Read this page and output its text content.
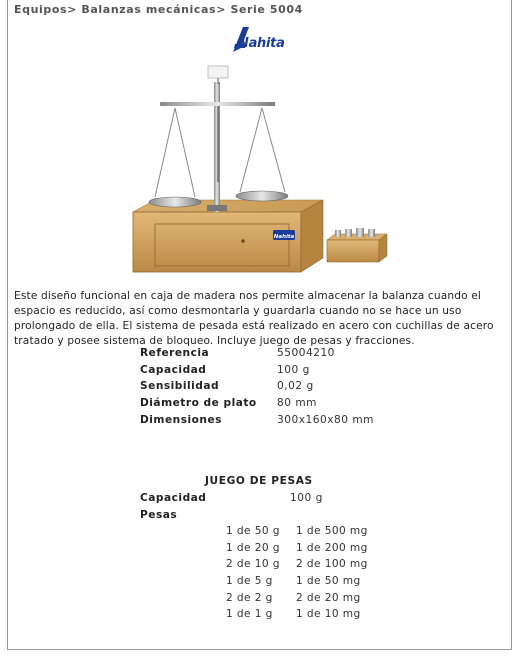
Equipos> Balanzas mecánicas> Serie 5004
Nahita
Nahita
Este diseño funcional en caja de madera nos permite almacenar la balanza cuando el espacio es reducido, así como desmontarla y guardarla cuando no se hace un uso prolongado de ella. El sistema de pesada está realizado en acero con cuchillas de acero tratado y posee sistema de bloqueo. Incluye juego de pesas y fracciones.
Referencia	55004210
Capacidad	100 g
Sensibilidad	0,02 g
Diámetro de plato 80 mm
Dimensiones	300x160x80 mm
JUEGO DE PESAS
Capacidad	100 g
Pesas
1 de 50 g 1 de 500 mg
1 de 20 g 1 de 200 mg
2 de 10 g 2 de 100 mg
1 de 5 g 1 de 50 mg
2 de 2 g 2 de 20 mg
1 de 1 g 1 de 10 mg
